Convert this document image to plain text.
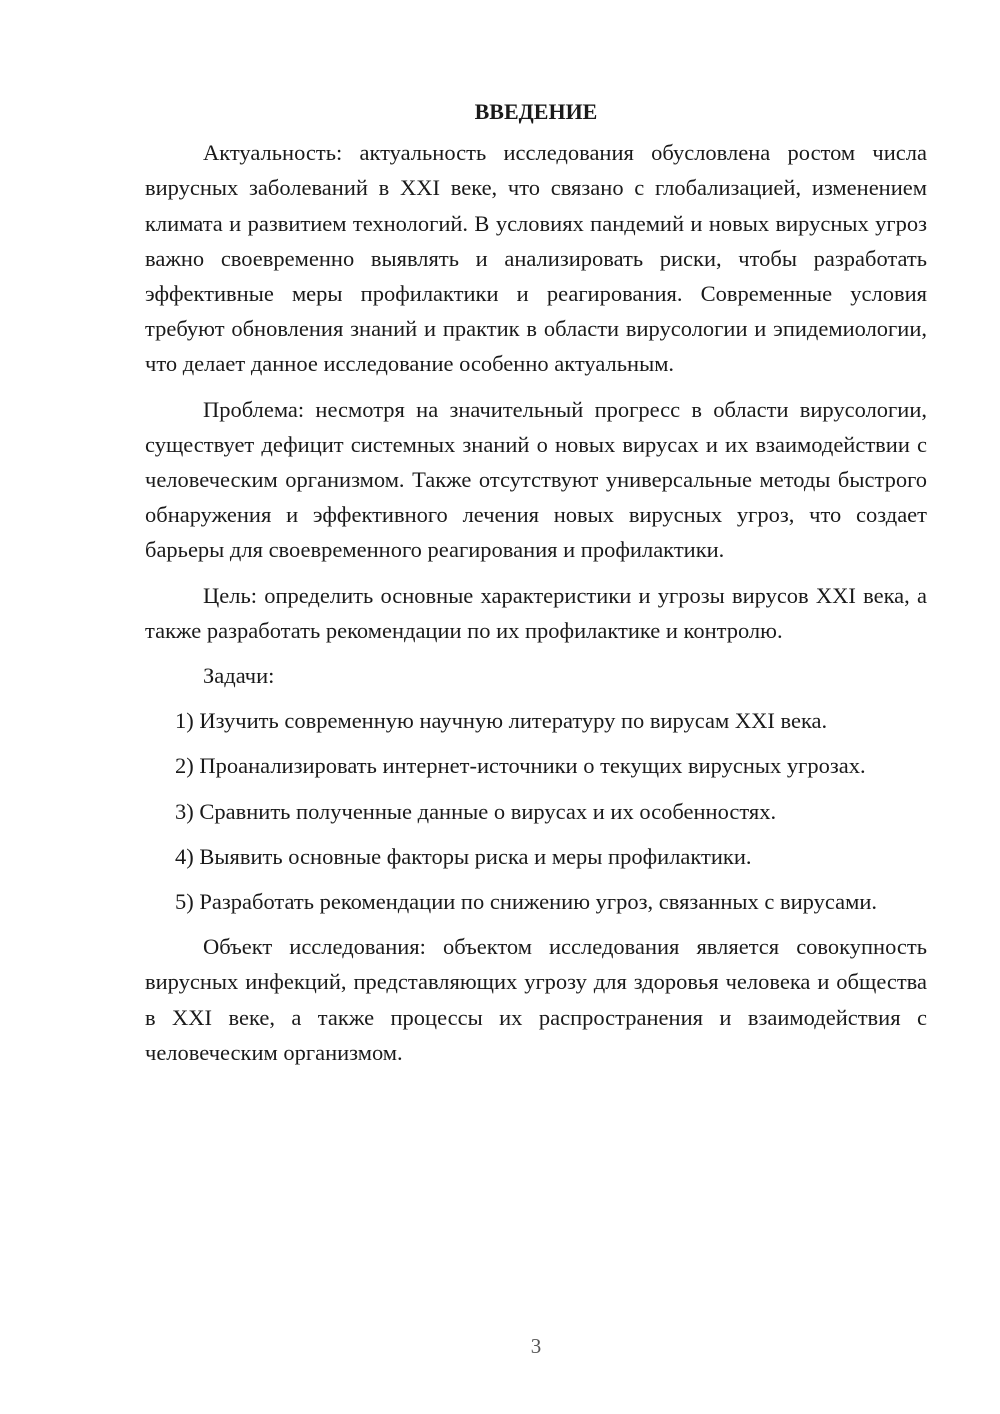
ВВЕДЕНИЕ

Актуальность: актуальность исследования обусловлена ростом числа вирусных заболеваний в XXI веке, что связано с глобализацией, изменением климата и развитием технологий. В условиях пандемий и новых вирусных угроз важно своевременно выявлять и анализировать риски, чтобы разработать эффективные меры профилактики и реагирования. Современные условия требуют обновления знаний и практик в области вирусологии и эпидемиологии, что делает данное исследование особенно актуальным.

Проблема: несмотря на значительный прогресс в области вирусологии, существует дефицит системных знаний о новых вирусах и их взаимодействии с человеческим организмом. Также отсутствуют универсальные методы быстрого обнаружения и эффективного лечения новых вирусных угроз, что создает барьеры для своевременного реагирования и профилактики.

Цель: определить основные характеристики и угрозы вирусов XXI века, а также разработать рекомендации по их профилактике и контролю.

Задачи:

1) Изучить современную научную литературу по вирусам XXI века.

2) Проанализировать интернет-источники о текущих вирусных угрозах.

3) Сравнить полученные данные о вирусах и их особенностях.

4) Выявить основные факторы риска и меры профилактики.

5) Разработать рекомендации по снижению угроз, связанных с вирусами.

Объект исследования: объектом исследования является совокупность вирусных инфекций, представляющих угрозу для здоровья человека и общества в XXI веке, а также процессы их распространения и взаимодействия с человеческим организмом.

3
